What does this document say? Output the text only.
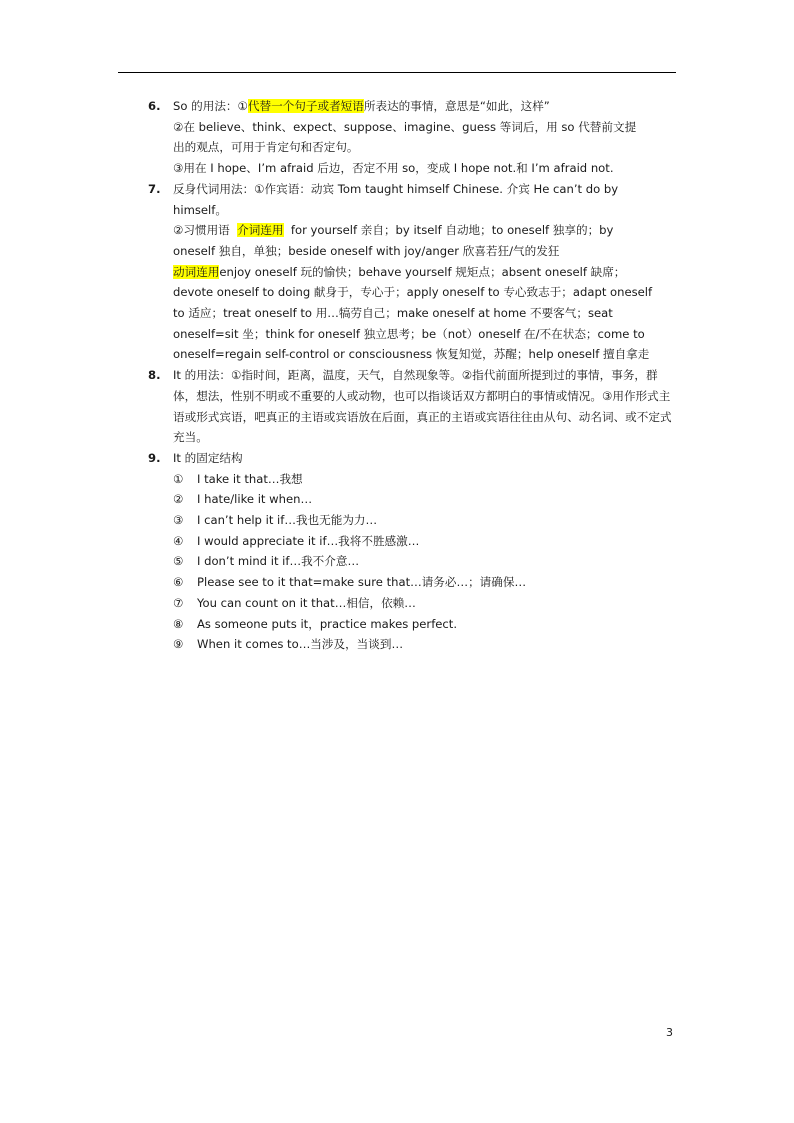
6. So 的用法：①代替一个句子或者短语所表达的事情，意思是“如此，这样”
②在 believe、think、expect、suppose、imagine、guess 等词后，用 so 代替前文提
出的观点，可用于肯定句和否定句。
③用在 I hope、I’m afraid 后边，否定不用 so，变成 I hope not.和 I’m afraid not.
7. 反身代词用法：①作宾语：动宾 Tom taught himself Chinese. 介宾 He can’t do by
himself。
②习惯用语  介词连用  for yourself 亲自；by itself 自动地；to oneself 独享的；by
oneself 独自，单独；beside oneself with joy/anger 欣喜若狂/气的发狂
动词连用enjoy oneself 玩的愉快；behave yourself 规矩点；absent oneself 缺席；
devote oneself to doing 献身于，专心于；apply oneself to 专心致志于；adapt oneself
to 适应；treat oneself to 用…犒劳自己；make oneself at home 不要客气；seat
oneself=sit 坐；think for oneself 独立思考；be（not）oneself 在/不在状态；come to
oneself=regain self-control or consciousness 恢复知觉，苏醒；help oneself 擅自拿走
8. It 的用法：①指时间，距离，温度，天气，自然现象等。②指代前面所提到过的事情，事务，群体，想法，性别不明或不重要的人或动物，也可以指谈话双方都明白的事情或情况。③用作形式主语或形式宾语，吧真正的主语或宾语放在后面，真正的主语或宾语往往由从句、动名词、或不定式充当。
9. It 的固定结构
① I take it that…我想
② I hate/like it when…
③ I can’t help it if…我也无能为力…
④ I would appreciate it if…我将不胜感激…
⑤ I don’t mind it if…我不介意…
⑥ Please see to it that=make sure that…请务必…；请确保…
⑦ You can count on it that…相信，依赖…
⑧ As someone puts it，practice makes perfect.
⑨ When it comes to…当涉及，当谈到…
3
